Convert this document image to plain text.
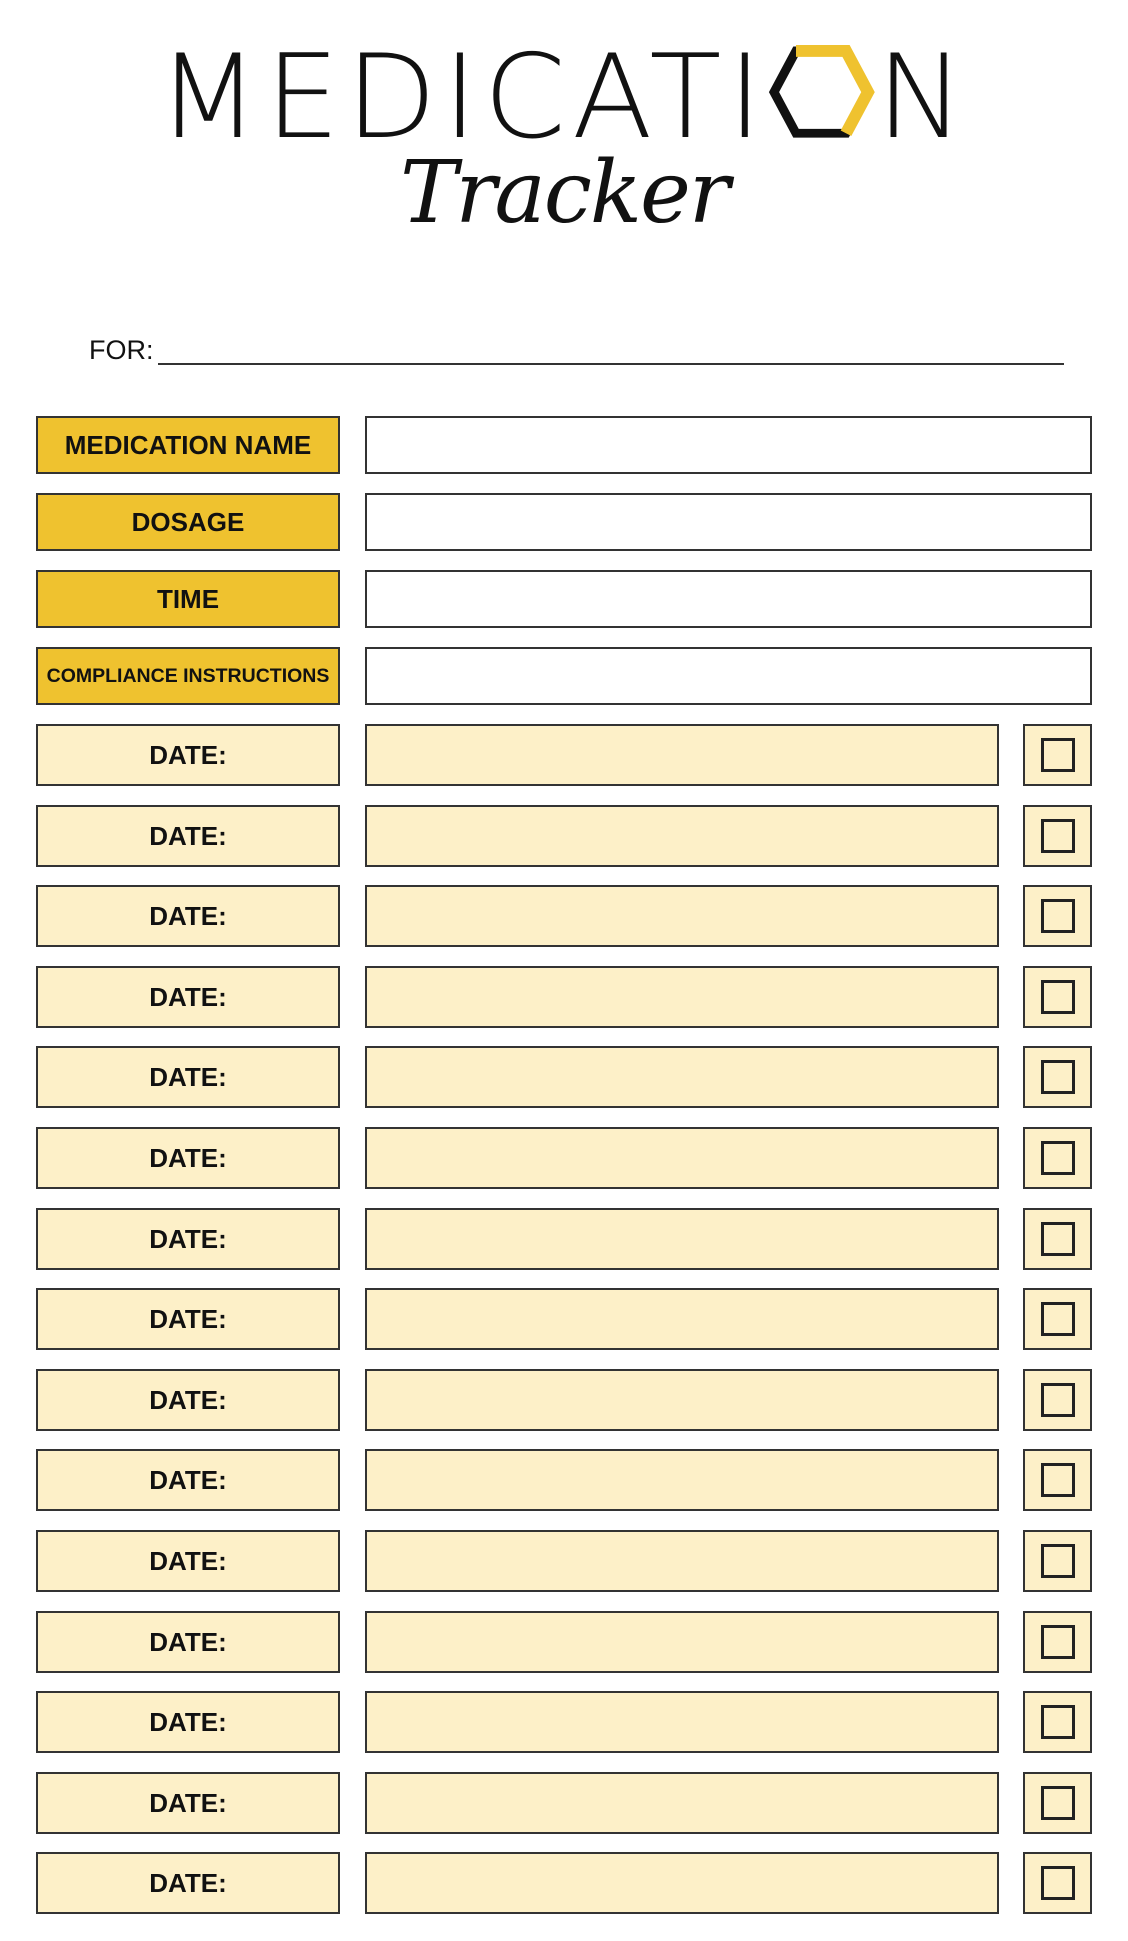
MEDICATI N
Tracker
FOR:
MEDICATION NAME
DOSAGE
TIME
COMPLIANCE INSTRUCTIONS
DATE:
DATE:
DATE:
DATE:
DATE:
DATE:
DATE:
DATE:
DATE:
DATE:
DATE:
DATE:
DATE:
DATE:
DATE:
